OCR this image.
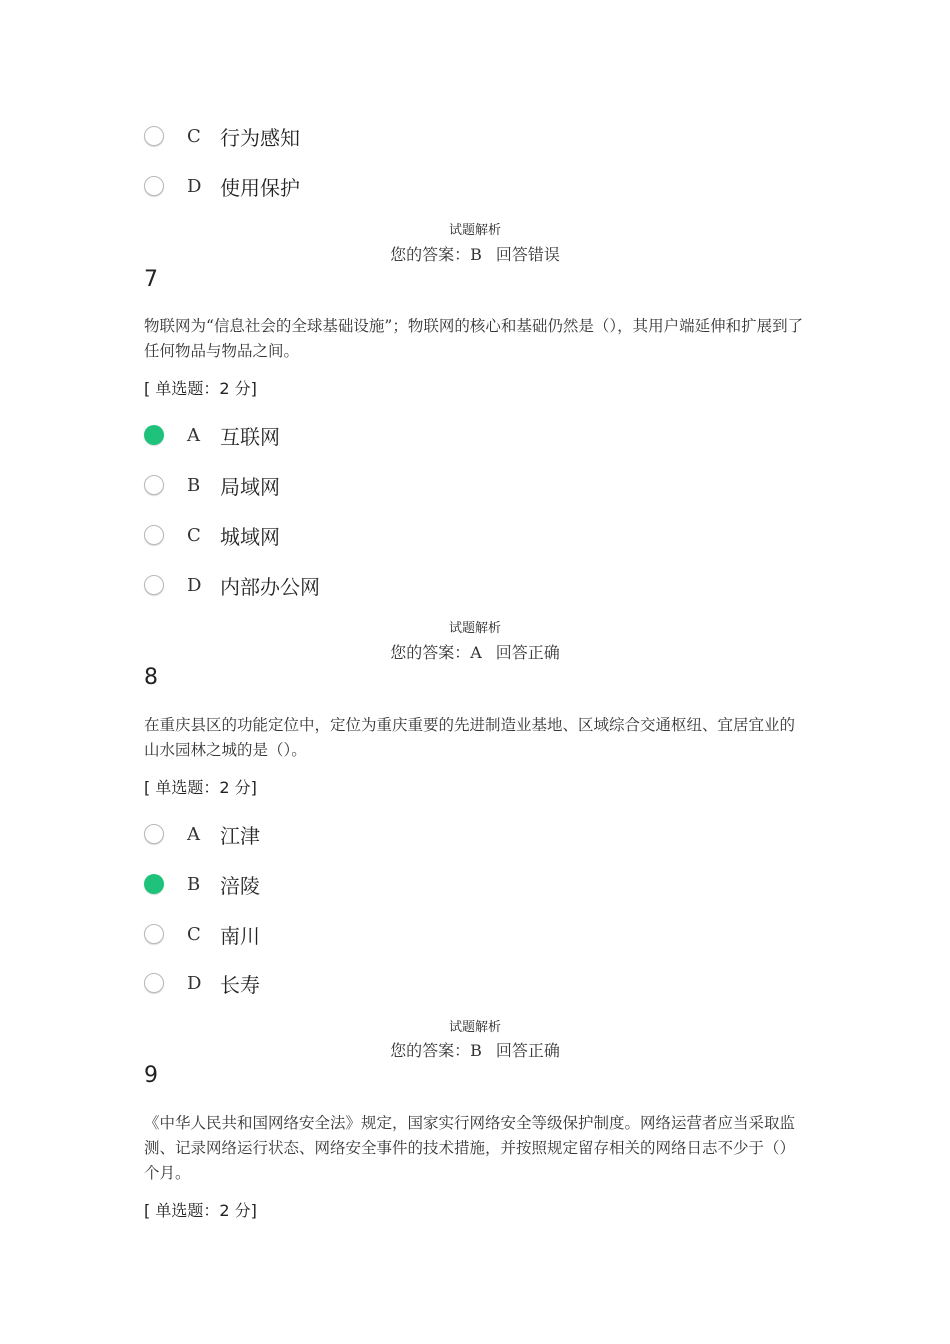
C 行为感知
D 使用保护
试题解析
您的答案：B 回答错误
7
物联网为“信息社会的全球基础设施”；物联网的核心和基础仍然是（），其用户端延伸和扩展到了任何物品与物品之间。
[ 单选题：2 分]
A 互联网
B 局域网
C 城域网
D 内部办公网
试题解析
您的答案：A 回答正确
8
在重庆县区的功能定位中，定位为重庆重要的先进制造业基地、区域综合交通枢纽、宜居宜业的山水园林之城的是（）。
[ 单选题：2 分]
A 江津
B 涪陵
C 南川
D 长寿
试题解析
您的答案：B 回答正确
9
《中华人民共和国网络安全法》规定，国家实行网络安全等级保护制度。网络运营者应当采取监测、记录网络运行状态、网络安全事件的技术措施，并按照规定留存相关的网络日志不少于（）个月。
[ 单选题：2 分]
